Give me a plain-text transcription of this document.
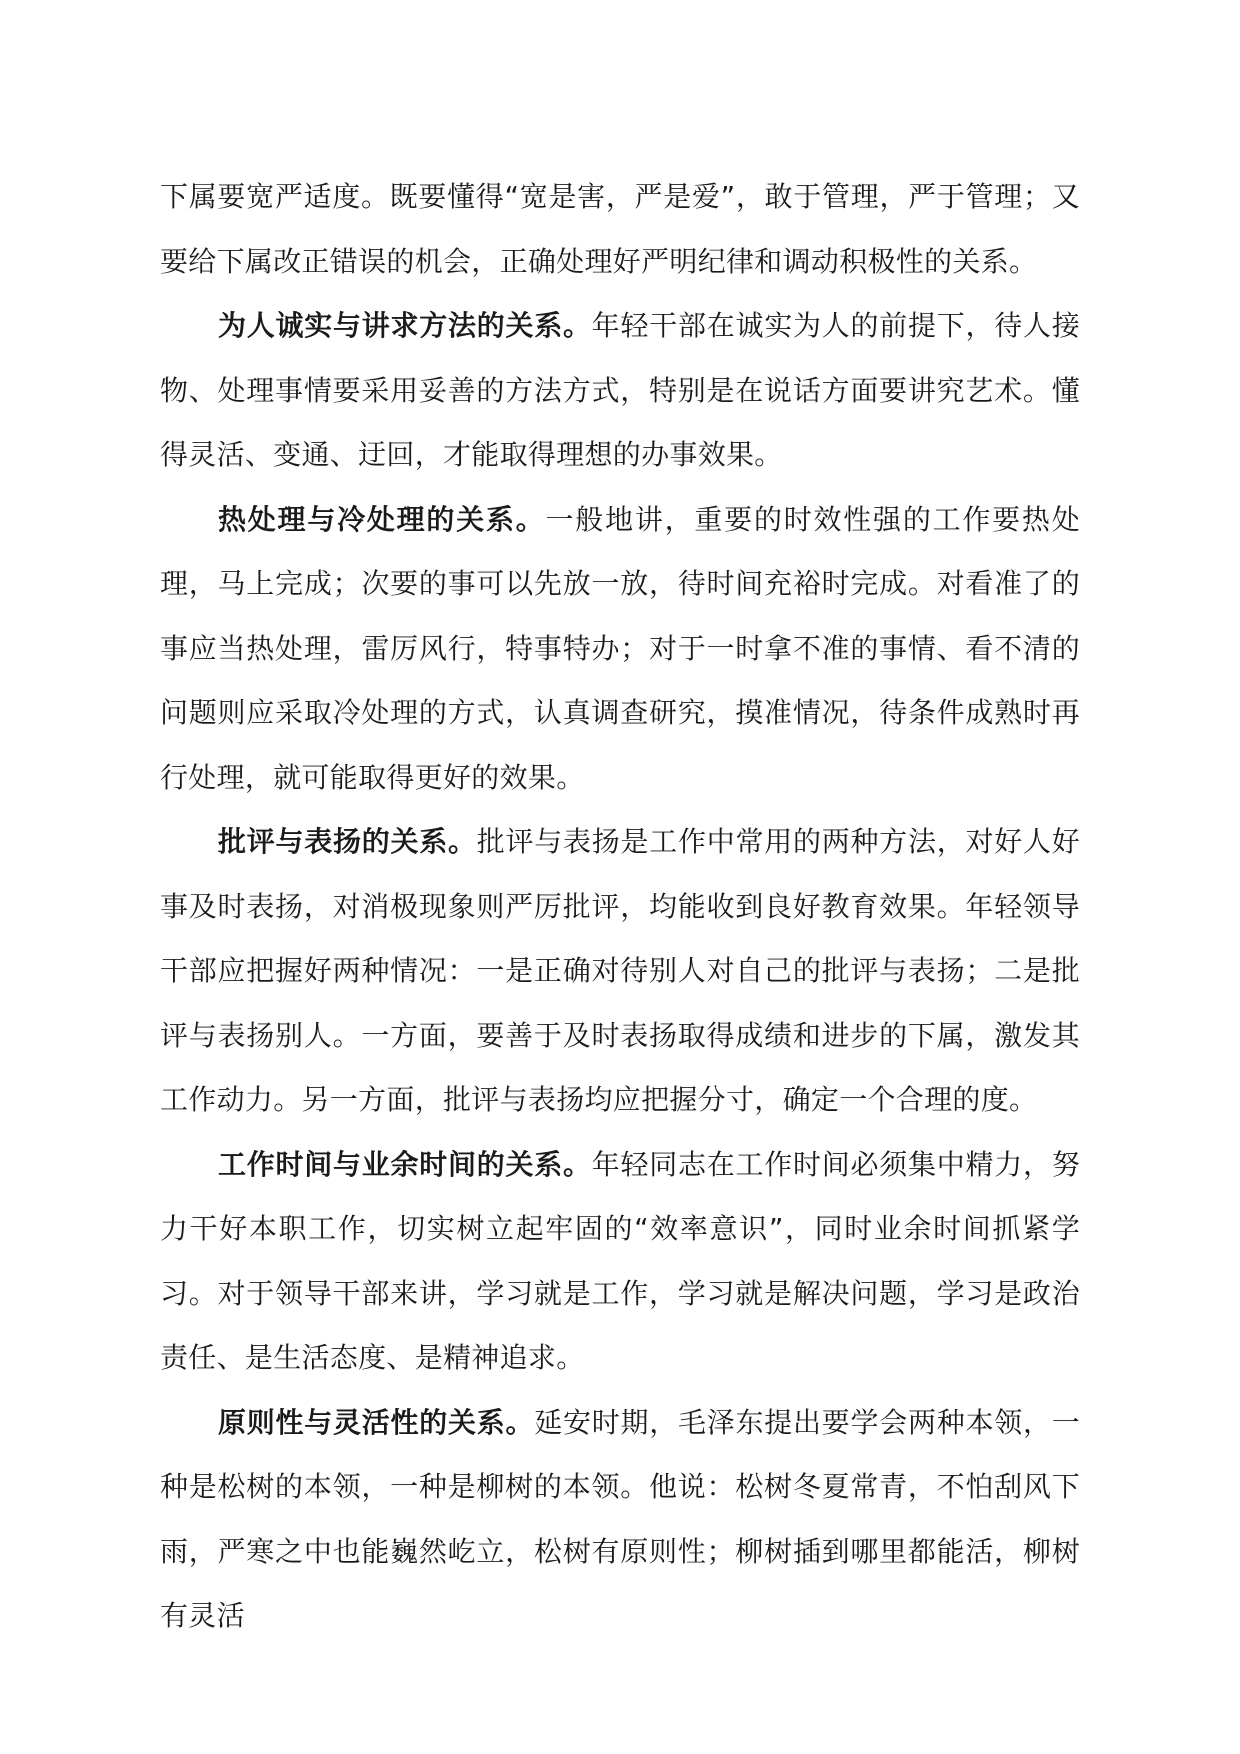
下属要宽严适度。既要懂得“宽是害，严是爱”，敢于管理，严于管理；又要给下属改正错误的机会，正确处理好严明纪律和调动积极性的关系。

为人诚实与讲求方法的关系。年轻干部在诚实为人的前提下，待人接物、处理事情要采用妥善的方法方式，特别是在说话方面要讲究艺术。懂得灵活、变通、迂回，才能取得理想的办事效果。

热处理与冷处理的关系。一般地讲，重要的时效性强的工作要热处理，马上完成；次要的事可以先放一放，待时间充裕时完成。对看准了的事应当热处理，雷厉风行，特事特办；对于一时拿不准的事情、看不清的问题则应采取冷处理的方式，认真调查研究，摸准情况，待条件成熟时再行处理，就可能取得更好的效果。

批评与表扬的关系。批评与表扬是工作中常用的两种方法，对好人好事及时表扬，对消极现象则严厉批评，均能收到良好教育效果。年轻领导干部应把握好两种情况：一是正确对待别人对自己的批评与表扬；二是批评与表扬别人。一方面，要善于及时表扬取得成绩和进步的下属，激发其工作动力。另一方面，批评与表扬均应把握分寸，确定一个合理的度。

工作时间与业余时间的关系。年轻同志在工作时间必须集中精力，努力干好本职工作，切实树立起牢固的“效率意识”，同时业余时间抓紧学习。对于领导干部来讲，学习就是工作，学习就是解决问题，学习是政治责任、是生活态度、是精神追求。

原则性与灵活性的关系。延安时期，毛泽东提出要学会两种本领，一种是松树的本领，一种是柳树的本领。他说：松树冬夏常青，不怕刮风下雨，严寒之中也能巍然屹立，松树有原则性；柳树插到哪里都能活，柳树有灵活
